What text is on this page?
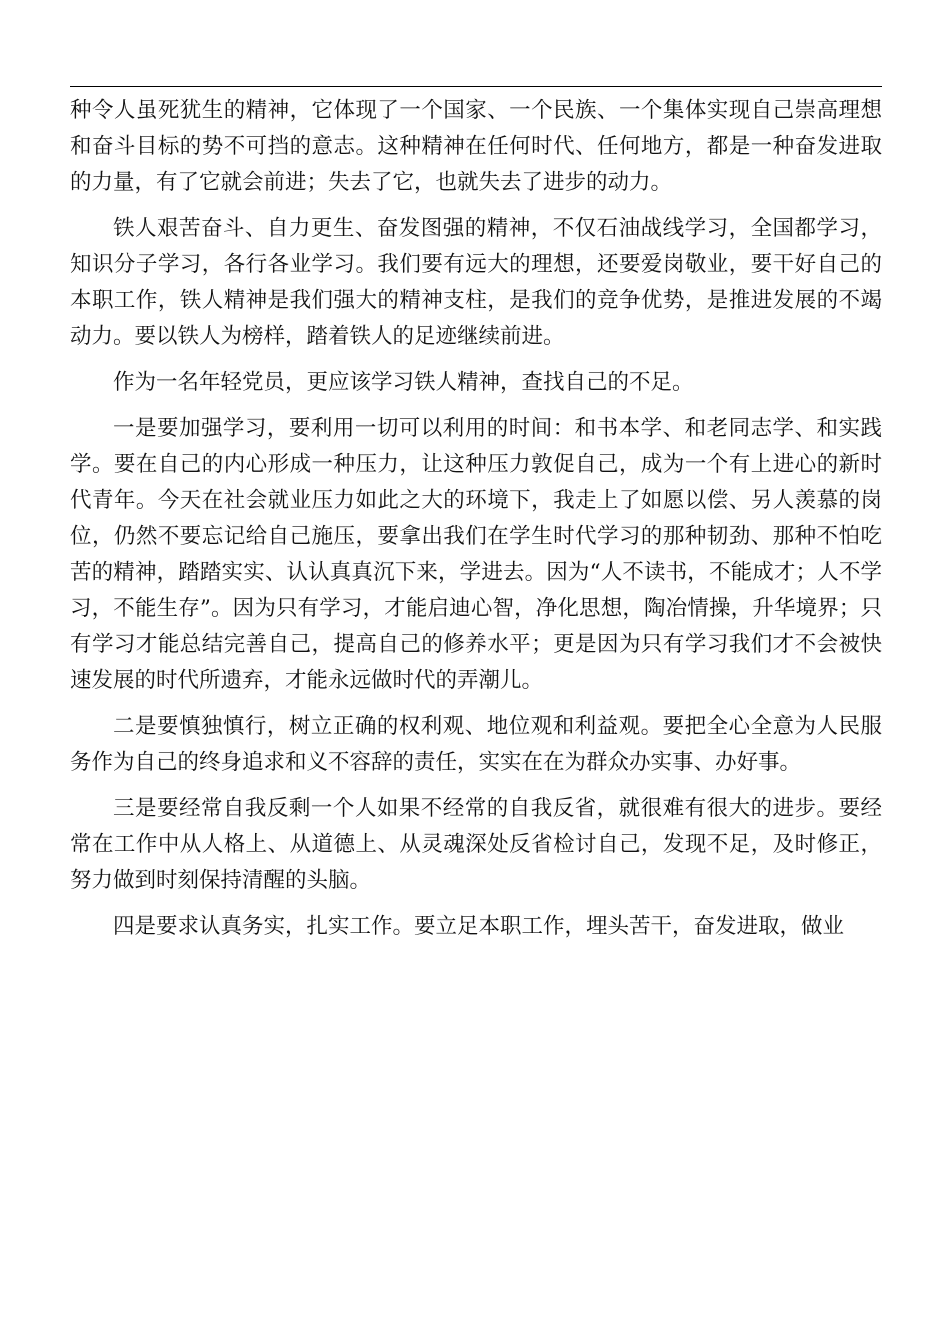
种令人虽死犹生的精神，它体现了一个国家、一个民族、一个集体实现自己崇高理想和奋斗目标的势不可挡的意志。这种精神在任何时代、任何地方，都是一种奋发进取的力量，有了它就会前进；失去了它，也就失去了进步的动力。

铁人艰苦奋斗、自力更生、奋发图强的精神，不仅石油战线学习，全国都学习，知识分子学习，各行各业学习。我们要有远大的理想，还要爱岗敬业，要干好自己的本职工作，铁人精神是我们强大的精神支柱，是我们的竞争优势，是推进发展的不竭动力。要以铁人为榜样，踏着铁人的足迹继续前进。

作为一名年轻党员，更应该学习铁人精神，查找自己的不足。

一是要加强学习，要利用一切可以利用的时间：和书本学、和老同志学、和实践学。要在自己的内心形成一种压力，让这种压力敦促自己，成为一个有上进心的新时代青年。今天在社会就业压力如此之大的环境下，我走上了如愿以偿、另人羡慕的岗位，仍然不要忘记给自己施压，要拿出我们在学生时代学习的那种韧劲、那种不怕吃苦的精神，踏踏实实、认认真真沉下来，学进去。因为“人不读书，不能成才；人不学习，不能生存”。因为只有学习，才能启迪心智，净化思想，陶冶情操，升华境界；只有学习才能总结完善自己，提高自己的修养水平；更是因为只有学习我们才不会被快速发展的时代所遗弃，才能永远做时代的弄潮儿。

二是要慎独慎行，树立正确的权利观、地位观和利益观。要把全心全意为人民服务作为自己的终身追求和义不容辞的责任，实实在在为群众办实事、办好事。

三是要经常自我反剩一个人如果不经常的自我反省，就很难有很大的进步。要经常在工作中从人格上、从道德上、从灵魂深处反省检讨自己，发现不足，及时修正，努力做到时刻保持清醒的头脑。

四是要求认真务实，扎实工作。要立足本职工作，埋头苦干，奋发进取，做业
